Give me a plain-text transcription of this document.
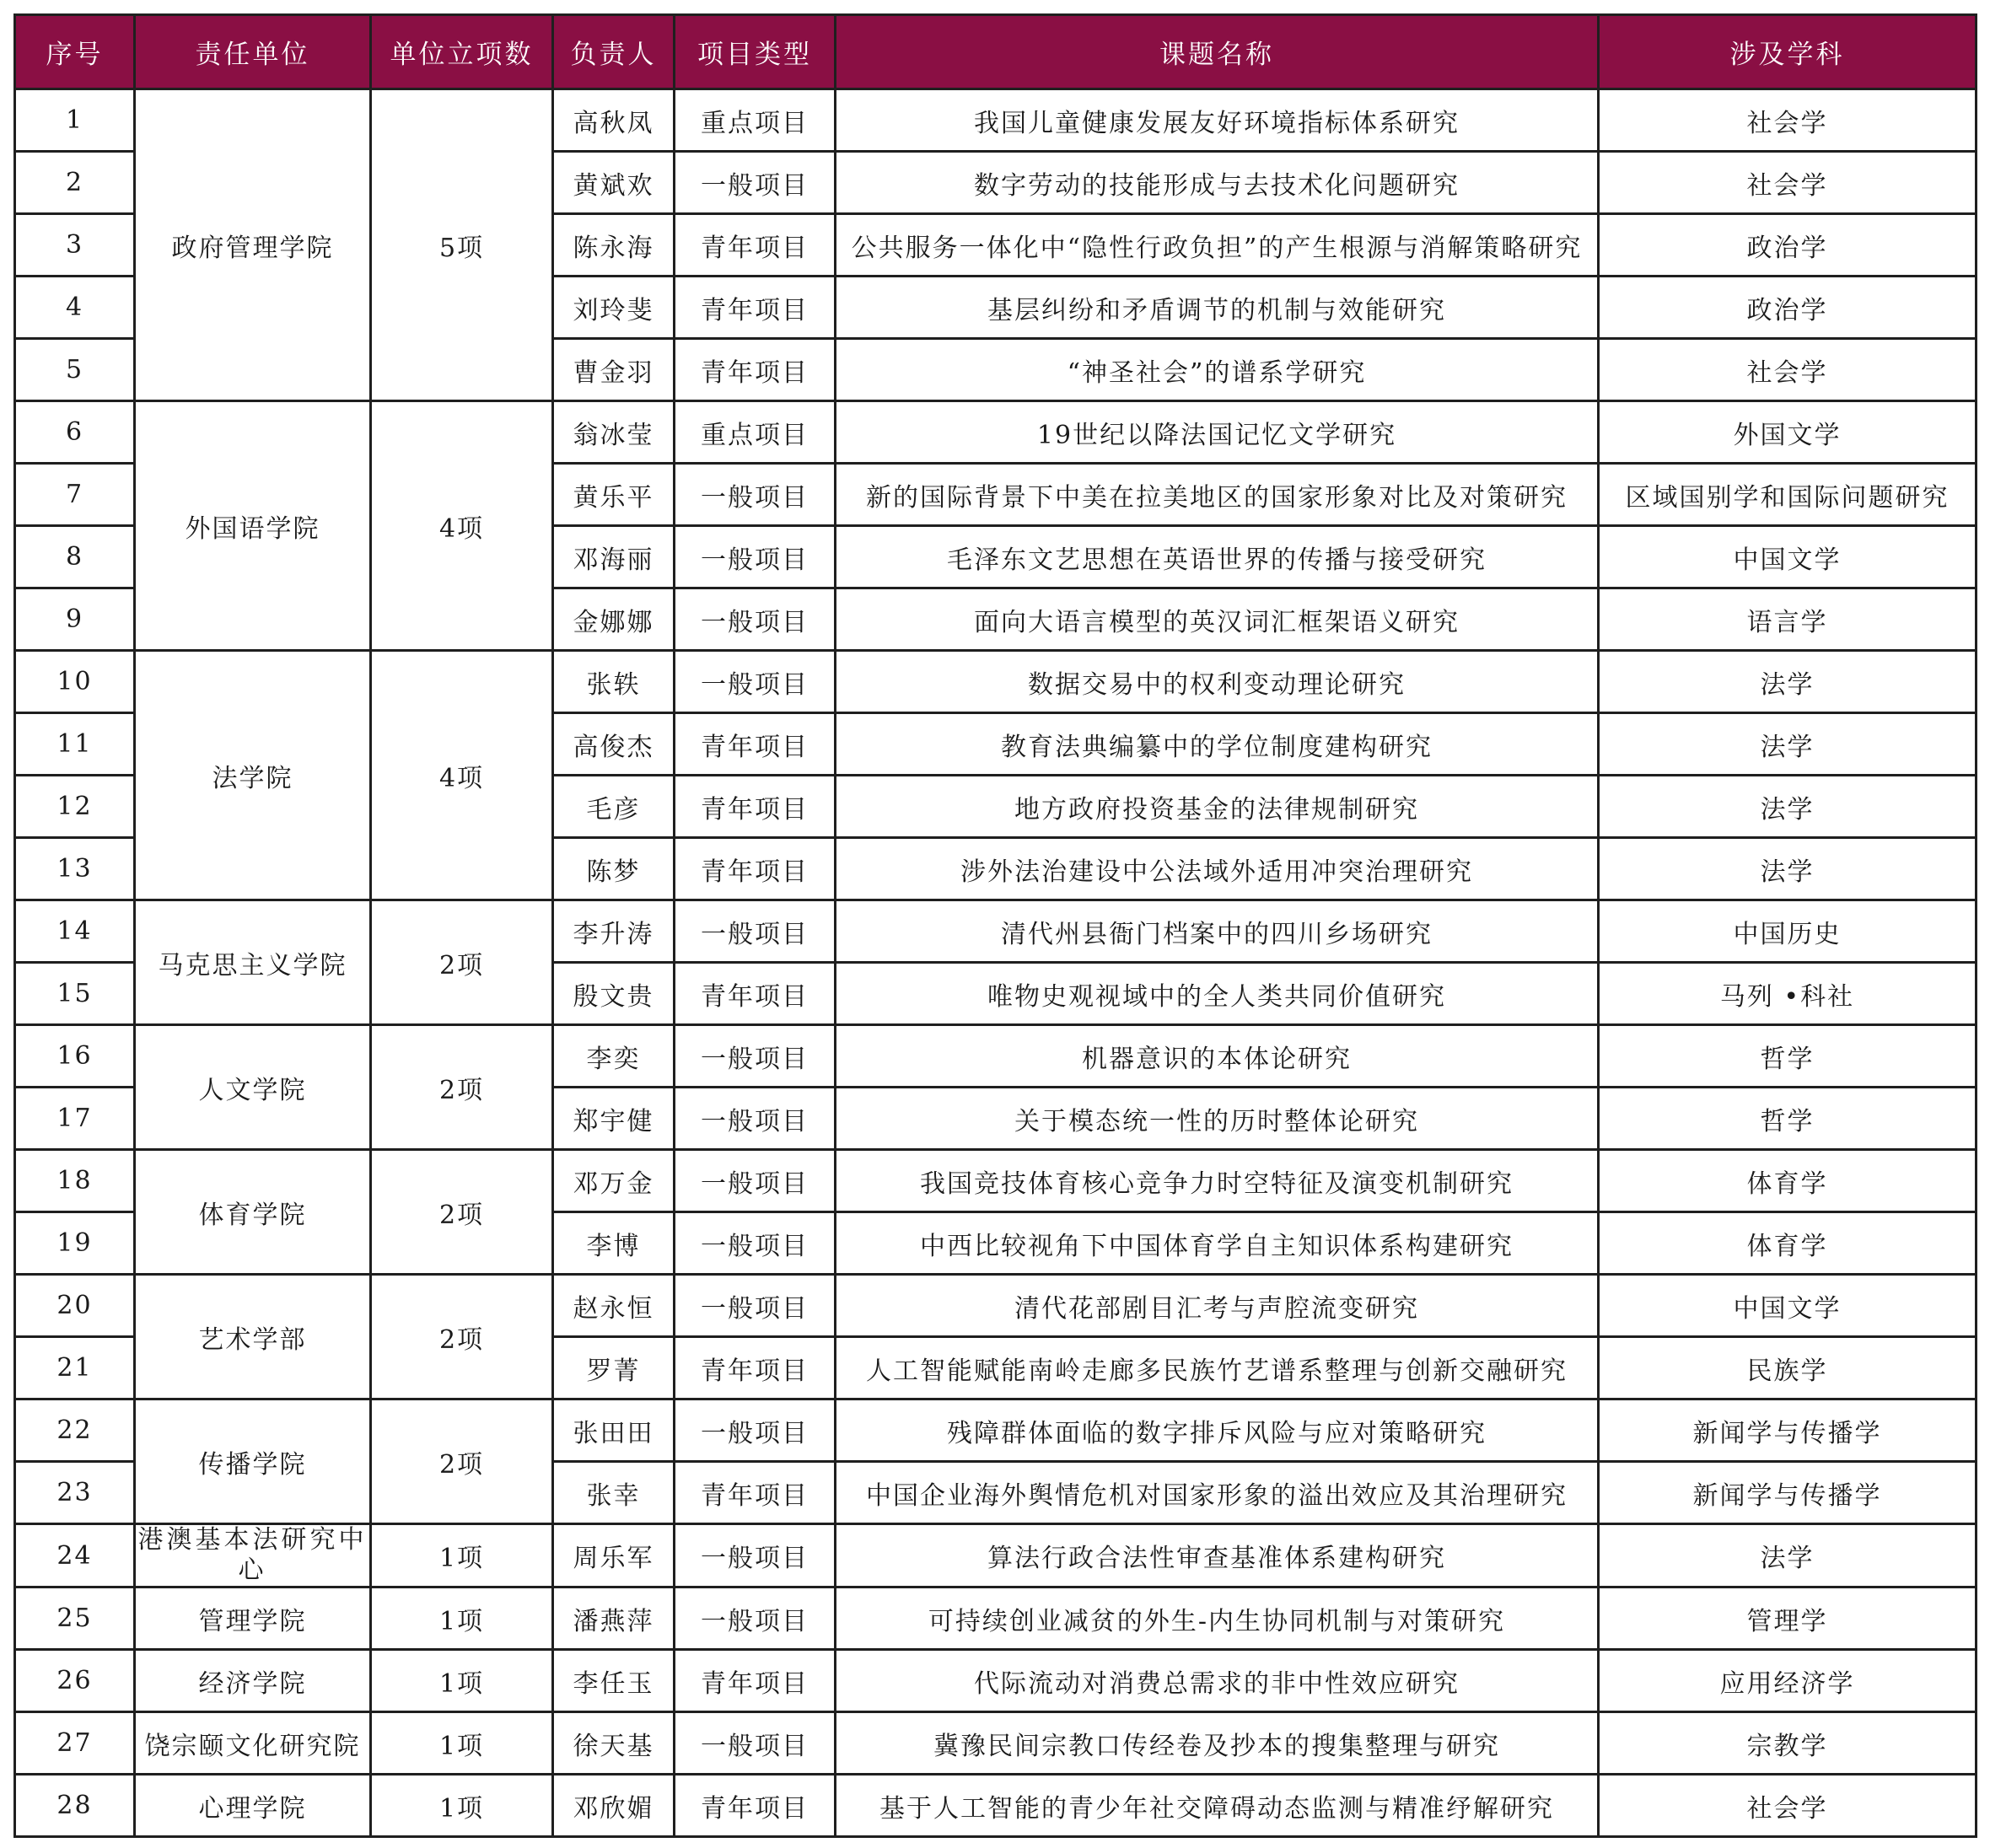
序号	责任单位	单位立项数	负责人	项目类型	课题名称	涉及学科
1	政府管理学院	5项	高秋凤	重点项目	我国儿童健康发展友好环境指标体系研究	社会学
2			黄斌欢	一般项目	数字劳动的技能形成与去技术化问题研究	社会学
3			陈永海	青年项目	公共服务一体化中“隐性行政负担”的产生根源与消解策略研究	政治学
4			刘玲斐	青年项目	基层纠纷和矛盾调节的机制与效能研究	政治学
5			曹金羽	青年项目	“神圣社会”的谱系学研究	社会学
6	外国语学院	4项	翁冰莹	重点项目	19世纪以降法国记忆文学研究	外国文学
7			黄乐平	一般项目	新的国际背景下中美在拉美地区的国家形象对比及对策研究	区域国别学和国际问题研究
8			邓海丽	一般项目	毛泽东文艺思想在英语世界的传播与接受研究	中国文学
9			金娜娜	一般项目	面向大语言模型的英汉词汇框架语义研究	语言学
10	法学院	4项	张轶	一般项目	数据交易中的权利变动理论研究	法学
11			高俊杰	青年项目	教育法典编纂中的学位制度建构研究	法学
12			毛彦	青年项目	地方政府投资基金的法律规制研究	法学
13			陈梦	青年项目	涉外法治建设中公法域外适用冲突治理研究	法学
14	马克思主义学院	2项	李升涛	一般项目	清代州县衙门档案中的四川乡场研究	中国历史
15			殷文贵	青年项目	唯物史观视域中的全人类共同价值研究	马列 •科社
16	人文学院	2项	李奕	一般项目	机器意识的本体论研究	哲学
17			郑宇健	一般项目	关于模态统一性的历时整体论研究	哲学
18	体育学院	2项	邓万金	一般项目	我国竞技体育核心竞争力时空特征及演变机制研究	体育学
19			李博	一般项目	中西比较视角下中国体育学自主知识体系构建研究	体育学
20	艺术学部	2项	赵永恒	一般项目	清代花部剧目汇考与声腔流变研究	中国文学
21			罗菁	青年项目	人工智能赋能南岭走廊多民族竹艺谱系整理与创新交融研究	民族学
22	传播学院	2项	张田田	一般项目	残障群体面临的数字排斥风险与应对策略研究	新闻学与传播学
23			张幸	青年项目	中国企业海外舆情危机对国家形象的溢出效应及其治理研究	新闻学与传播学
24	港澳基本法研究中心	1项	周乐军	一般项目	算法行政合法性审查基准体系建构研究	法学
25	管理学院	1项	潘燕萍	一般项目	可持续创业减贫的外生-内生协同机制与对策研究	管理学
26	经济学院	1项	李任玉	青年项目	代际流动对消费总需求的非中性效应研究	应用经济学
27	饶宗颐文化研究院	1项	徐天基	一般项目	冀豫民间宗教口传经卷及抄本的搜集整理与研究	宗教学
28	心理学院	1项	邓欣媚	青年项目	基于人工智能的青少年社交障碍动态监测与精准纾解研究	社会学
